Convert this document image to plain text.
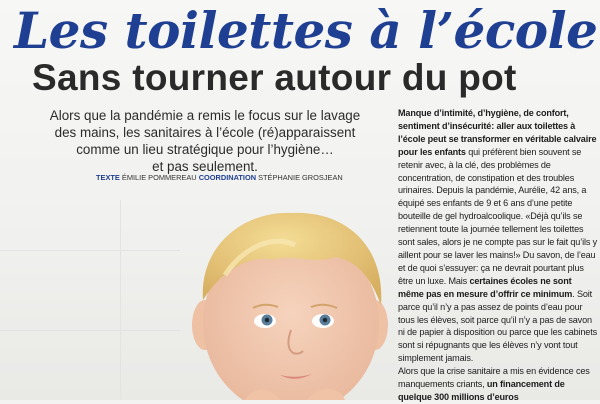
Les toilettes à l’école
Sans tourner autour du pot

Alors que la pandémie a remis le focus sur le lavage
des mains, les sanitaires à l’école (ré)apparaissent
comme un lieu stratégique pour l’hygiène…
et pas seulement.

TEXTE ÉMILIE POMMEREAU COORDINATION STÉPHANIE GROSJEAN

Manque d’intimité, d’hygiène, de confort, sentiment d’insécurité: aller aux toilettes à l’école peut se transformer en véritable calvaire pour les enfants qui préfèrent bien souvent se retenir avec, à la clé, des problèmes de concentration, de constipation et des troubles urinaires. Depuis la pandémie, Aurélie, 42 ans, a équipé ses enfants de 9 et 6 ans d’une petite bouteille de gel hydroalcoolique. «Déjà qu’ils se retiennent toute la journée tellement les toilettes sont sales, alors je ne compte pas sur le fait qu’ils y aillent pour se laver les mains!» Du savon, de l’eau et de quoi s’essuyer: ça ne devrait pourtant plus être un luxe. Mais certaines écoles ne sont même pas en mesure d’offrir ce minimum. Soit parce qu’il n’y a pas assez de points d’eau pour tous les élèves, soit parce qu’il n’y a pas de savon ni de papier à disposition ou parce que les cabinets sont si répugnants que les élèves n’y vont tout simplement jamais.
Alors que la crise sanitaire a mis en évidence ces manquements criants, un financement de quelque 300 millions d’euros
